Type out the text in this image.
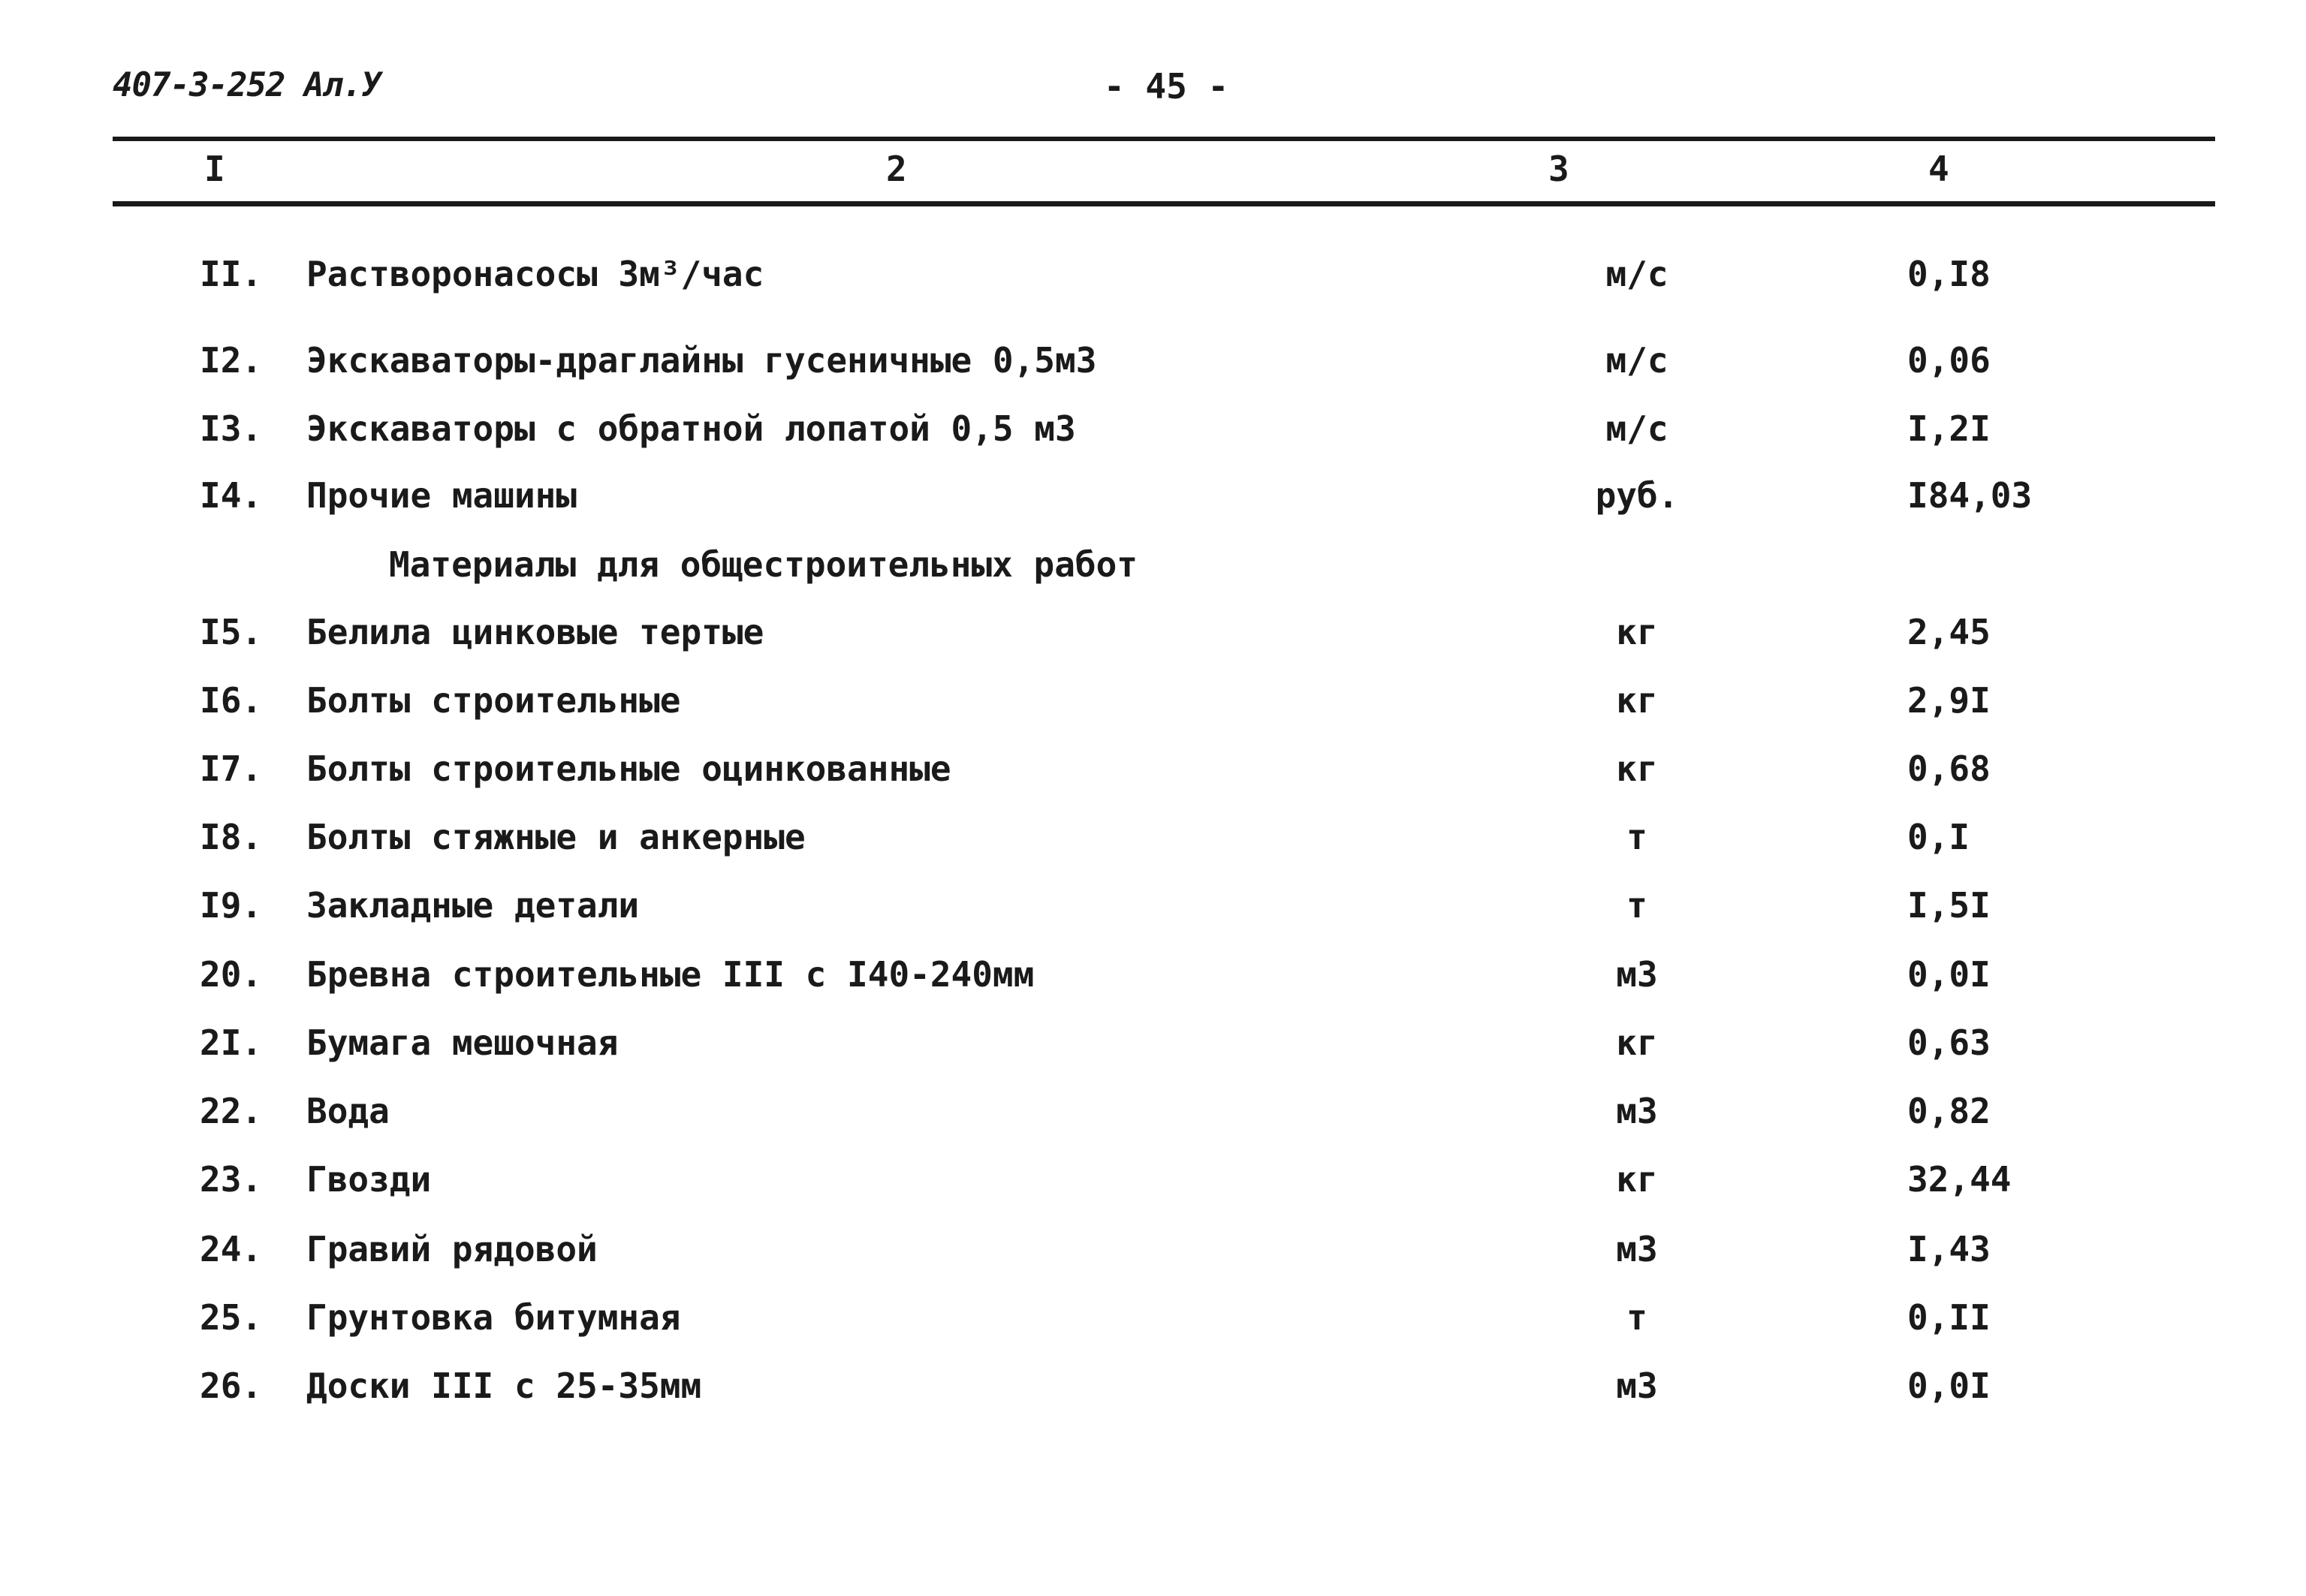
407-3-252 Ал.У	- 45 -
I	2	3	4
II.	Растворонасосы 3м³/час	м/с	0,I8
I2.	Экскаваторы-драглайны гусеничные 0,5м3	м/с	0,06
I3.	Экскаваторы с обратной лопатой 0,5 м3	м/с	I,2I
I4.	Прочие машины	руб.	I84,03
Материалы для общестроительных работ
I5.	Белила цинковые тертые	кг	2,45
I6.	Болты строительные	кг	2,9I
I7.	Болты строительные оцинкованные	кг	0,68
I8.	Болты стяжные и анкерные	т	0,I
I9.	Закладные детали	т	I,5I
20.	Бревна строительные III с I40-240мм	м3	0,0I
2I.	Бумага мешочная	кг	0,63
22.	Вода	м3	0,82
23.	Гвозди	кг	32,44
24.	Гравий рядовой	м3	I,43
25.	Грунтовка битумная	т	0,II
26.	Доски III с 25-35мм	м3	0,0I
